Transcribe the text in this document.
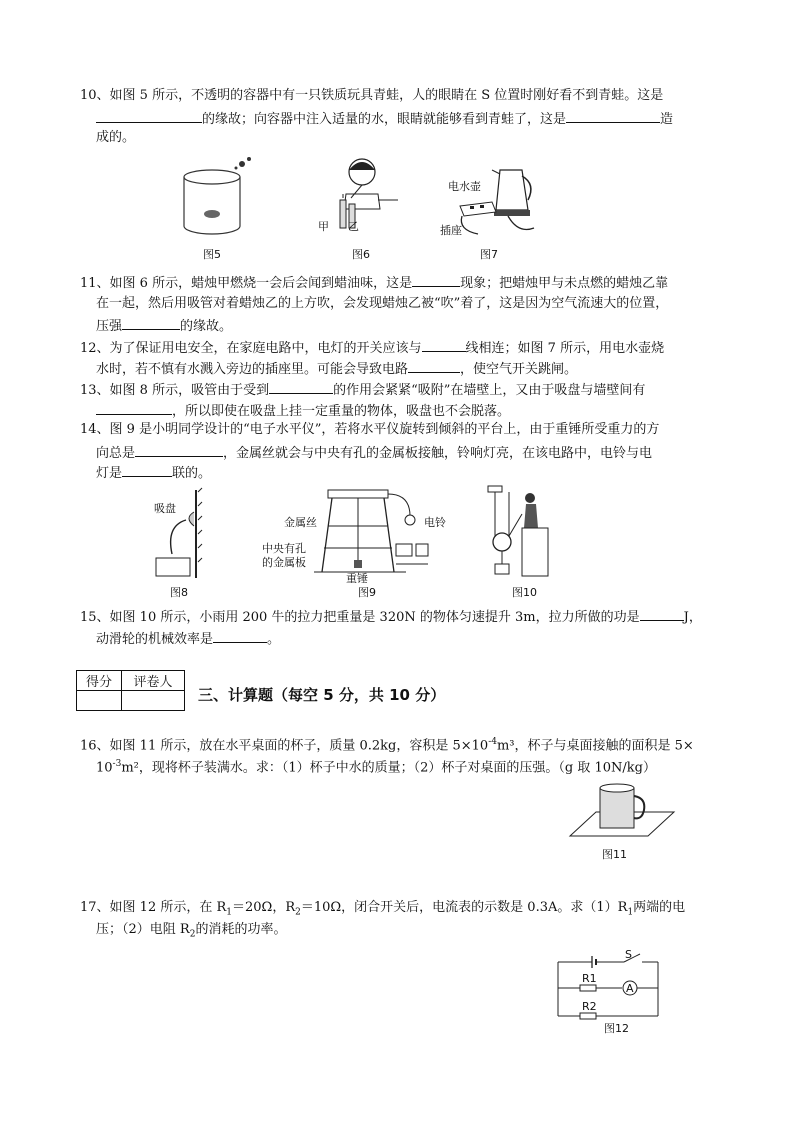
10、如图 5 所示，不透明的容器中有一只铁质玩具青蛙，人的眼睛在 S 位置时刚好看不到青蛙。这是
的缘故；向容器中注入适量的水，眼睛就能够看到青蛙了，这是	造
成的。
图5
甲 乙
图6
电水壶
插座
图7
11、如图 6 所示，蜡烛甲燃烧一会后会闻到蜡油味，这是	现象；把蜡烛甲与未点燃的蜡烛乙靠
在一起，然后用吸管对着蜡烛乙的上方吹，会发现蜡烛乙被“吹”着了，这是因为空气流速大的位置，
压强	的缘故。
12、为了保证用电安全，在家庭电路中，电灯的开关应该与	线相连；如图 7 所示，用电水壶烧
水时，若不慎有水溅入旁边的插座里。可能会导致电路	，使空气开关跳闸。
13、如图 8 所示，吸管由于受到	的作用会紧紧“吸附”在墙壁上，又由于吸盘与墙壁间有
，所以即使在吸盘上挂一定重量的物体，吸盘也不会脱落。
14、图 9 是小明同学设计的“电子水平仪”，若将水平仪旋转到倾斜的平台上，由于重锤所受重力的方
向总是	，金属丝就会与中央有孔的金属板接触，铃响灯亮，在该电路中，电铃与电
灯是	联的。
吸盘
图8
金属丝	电铃
中央有孔
的金属板
重锤
图9	图10
15、如图 10 所示，小雨用 200 牛的拉力把重量是 320N 的物体匀速提升 3m，拉力所做的功是	J，
动滑轮的机械效率是	。
得分	评卷人

三、计算题（每空 5 分，共 10 分）
16、如图 11 所示，放在水平桌面的杯子，质量 0.2kg，容积是 $5\times 10^{-4}m^3$，杯子与桌面接触的面积是 5×
$10^{-3}m^2$，现将杯子装满水。求：（1）杯子中水的质量；（2）杯子对桌面的压强。（g 取 10N/kg）
图11
17、如图 12 所示，在 $R_1=20\Omega$，$R_2=10\Omega$，闭合开关后，电流表的示数是 0.3A。求$(1)R_1$两端的电
压；（2）电阻 $R_2$的消耗的功率。
S
R1
A
R2
图12
